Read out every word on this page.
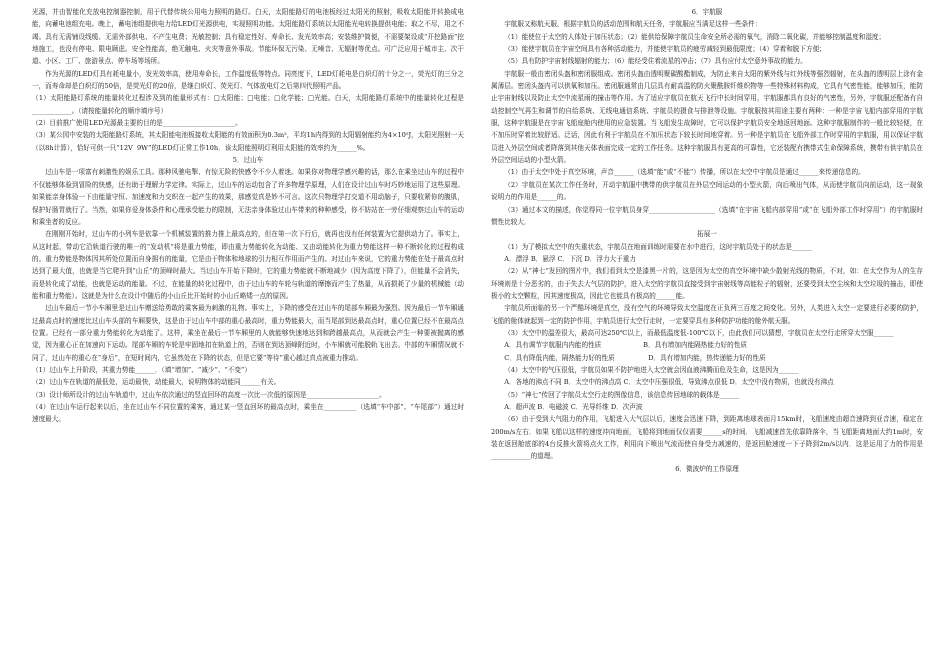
光源，并由智能化充放电控制器控制，用于代替传统公用电力照明的路灯。白天，太阳能路灯的电池板经过太阳光的照射，吸收太阳能并转换成电能，向蓄电池组充电。晚上，蓄电池组提供电力给LED灯光源供电，实现照明功能。太阳能路灯系统以太阳能光电转换提供电能；取之不尽，用之不竭。具有无需铺设线缆、无需外部供电、不产生电费；光敏控制；具有稳定性好、寿命长、发光效率高；安装维护简便，不需要架设或“开挖路面”挖地施工，也没有停电、限电顾虑。安全性能高，绝无触电、火灾等意外事故。节能环保无污染、无噪音、无辐射等优点。可广泛应用于城市主、次干道、小区、工厂、旅游景点、停车场等场所。

作为光源的LED灯具有耗电量小，发光效率高，使用寿命长，工作温度低等特点。同亮度下，LED灯耗电是白炽灯的十分之一，荧光灯的三分之一，而寿命却是白炽灯的50倍，是荧光灯的20倍，是继白炽灯、荧光灯、气体放电灯之后第四代照明产品。

（1）太阳能路灯系统的能量转化过程涉及到的能量形式有：□太阳能；□电能；□化学能；□光能。白天，太阳能路灯系统中的能量转化过程是____________。（请按能量转化的顺序填序号）

（2）目前推广使用LED光源最主要的目的是______________________。

（3）某公园中安装的太阳能路灯系统，其太阳能电池板接收太阳能的有效面积为0.3m²，平均1h内得到的太阳辐射能约为4×10⁵J，太阳光照射一天（以8h计算），恰好可供一只“12V  9W”的LED灯正常工作10h．该太阳能照明灯利用太阳能的效率约为______%。

5．过山车

过山车是一项富有刺激性的娱乐工具。那种风驰电掣、有惊无险的快感令不少人着迷。如果你对物理学感兴趣的话，那么在乘坐过山车的过程中不仅能够体验到冒险的快感，还有助于理解力学定律。实际上，过山车的运动包含了许多物理学原理，人们在设计过山车时巧妙地运用了这些原理。如果能亲身体验一下由能量守恒、加速度和力交织在一起产生的效果，那感觉真是妙不可言。这次只物理学打交道不用动脑子，只要收紧你的腹肌，保护好肠胃就行了。当然，如果你爱身体条件和心理承受能力的限制，无法亲身体验过山车带来的种种感受，你不妨站在一旁仔细观察过山车的运动和乘坐者的反应。

在刚刚开始时，过山车的小列车是依靠一个机械装置的推力推上最高点的，但在第一次下行后，就再也没有任何装置为它提供动力了。事实上，从这时起，带动它沿轨道行驶的唯一的“发动机”将是重力势能，即由重力势能转化为动能、又由动能转化为重力势能这样一种不断转化的过程构成的。重力势能是物体因其所处位置而自身拥有的能量，它是由于物体和地球的引力相互作用而产生的。对过山车来说，它的重力势能在处于最高点时达到了最大值，也就是当它爬升到“山丘”的顶峰时最大。当过山车开始下降时，它的重力势能就不断地减少（因为高度下降了），但能量不会消失，而是转化成了动能，也就是运动的能量。不过，在能量的转化过程中，由于过山车的车轮与轨道的摩擦而产生了热量，从而损耗了少量的机械能（动能和重力势能）。这就是为什么在设计中随后的小山丘比开始时的小山丘略矮一点的原因。

过山车最后一节小车厢里是过山车赠送给勇敢的乘客最为刺激的礼物。事实上，下降的感受在过山车的尾部车厢最为强烈。因为最后一节车厢通过最高点时的速度比过山车头部的车厢要快，这是由于过山车中部的重心最高时，重力势能最大，而当尾部到达最高点时，重心位置已经不在最高点位置。已经有一部分重力势能转化为动能了。这样，乘坐在最后一节车厢里的人就能够快速地达到和跨越最高点，从而就会产生一种要被抛离的感觉，因为重心正在加速向下运动。尾部车厢的车轮是牢固地扣在轨道上的，否则在到达顶峰附近时，小车厢就可能脱轨飞出去。中部的车厢情况就不同了，过山车的重心在“身后”，在短时间内，它虽然处在下降的状态，但是它要“等待”重心越过真点被重力推动。

（1）过山车上升阶段，其重力势能______．（填“增加”、“减少”、“不变”）

（2）过山车在轨道的最低处，运动最快，动能最大，说明物体的动能同______有关。

（3）设计师所设计的过山车轨道中，过山车依次通过的竖直回环的高度一次比一次低的原因是______________________。

（4）在过山车运行起来以后，坐在过山车不同位置的乘客，通过某一竖直回环的最高点时，乘坐在__________（选填“车中部”、“车尾部”）通过时速度最大。

6．宇航服

宇航服又称航天服，根据宇航员的活动范围和航天任务，宇航服应当满足这样一些条件：

（1）能使位于太空的人体处于加压状态；（2）能供给保障宇航员生命安全所必需的氧气，消除二氧化碳，并能够控制温度和湿度；

（3）能使宇航员在宇宙空间具有各种活动能力，并能使宇航员的疲劳减轻到最低限度；（4）穿着和脱下方便；

（5）具有防护宇宙射线辐射的能力；（6）能经受住着流星的冲击；（7）具有应付太空意外事故的能力。

宇航服一般由密闭头盔和密闭服组成。密闭头盔由透明聚碳酸酯制成，为防止来自太阳的紫外线与红外线等强烈辐射，在头盔的透明层上涂有金属薄层。密闭头盔内可以供氧和加压。密闭服通常由几层具有耐高温的防火聚酰胺纤维织物等一些特殊材料构成，它具有气密性能，能够加压，能防止宇宙射线以及防止太空中流星雨的撞击等作用。为了适应宇航员在航天飞行中长时间穿用，宇航服都具有良好的气密性，另外，宇航服还配备有自动控制空气再生和调节的自给系统、无线电通信系统、宇航员的摄食与排泄等设施。宇航服按其用途主要有两种：一种是宇宙飞船内部穿用的宇航服，这种宇航服是在宇宙飞船座舱内使用的应急装置。当飞船发生故障时，它可以保护宇航员安全地返回地面。这种宇航服制作的一般比较轻便，在不加压时穿着比较舒适。泛话，因此有利于宇航员在不加压状态下较长时间地穿着。另一种是宇航员在飞船外部工作时穿用的宇航服，用以保证宇航员进入外层空间或者降落到其他天体表面完成一定的工作任务。这种宇航服具有更高的可靠性，它还装配有携带式生命保障系统，携带有供宇航员在外层空间运动的小型火箭。

（1）由于太空中处于真空环境，声音______（选填“能”或“不能”）传播，所以在太空中宇航员是通过______来传递信息的。

（2）宇航员在某次工作任务时，开动宇航服中携带的供宇航员在外层空间运动的小型火箭，向后喷出气体，从而使宇航员向前运动，这一现象说明力的作用是______的。

（3）通过本文的描述，你觉得同一位宇航员身穿____________________（选填“在宇宙飞船内部穿用”或“在飞船外部工作时穿用”）的宇航服时惯性比较大．

拓展一

（1）为了模拟太空中的失重状态，宇航员在地面训练时需要在水中进行，这时宇航员处于的状态是______

A．漂浮 B．悬浮 C．下沉 D．浮力大于重力

（2）从“神七”发回的图片中，我们看到太空是漆黑一片的，这是因为太空的真空环境中缺少散射光线的物质，不对，如：在太空作为人的生存环境则是十分恶劣的，由于失去大气层的防护，进入太空的宇航员直接受到宇宙射线等高能粒子的辐射，还要受到太空尘埃和太空垃圾的撞击，即使极小的太空颗粒，因其速度极高，因此它也能具有极高的______能。

宇航员所面临的另一个严酷环境是真空，没有空气的环境导致太空温度在正负两三百度之间变化。另外，人类进入太空一定要进行必要的防护，飞船的舱体就起到一定的防护作用，宇航员进行太空行走时，一定要穿具有多种防护功能的舱外航天服。

（3）太空中的温差很大，最高可达250℃以上，而最低温度低-100℃以下，由此我们可以猜想，宇航员在太空行走所穿太空服______

A．具有调节宇航服内内能的性质                    B．具有增加内能隔热能力好的性质

C．具有降低内能，隔热能力好的性质                D．具有增加内能，热传递能力好的性质

（4）太空中的气压很低，宇航员如果不防护地进入太空就会因血液沸腾而危及生命，这是因为______

A．各地的沸点不同 B．太空中的沸点高 C．太空中压强很低，导致沸点很低 D．太空中没有物质，也就没有沸点

（5）“神七”传回了宇航员太空行走的图像信息，该信息传回地球的载体是______

A．超声波 B．电磁波 C．光导纤维 D．次声波

（6）由于受到大气阻力的作用，飞船进入大气层以后，速度会迅速下降，到距离地球表面月15km时，飞船速度由超音速降到亚音速，稳定在200m/s左右．如果飞船以这样的速度冲向地面，飞船将到地面仅仅需要______s的时间．飞船减速首先依靠降落伞，当飞船距离地面大约1m时，安装在返回舱底部的4台反推火箭将点火工作，利用向下喷出气流而使自身受力减速的，是返回舱速度一下子降到2m/s以内．这是运用了力的作用是____________的道理。

6．微波炉的工作原理
